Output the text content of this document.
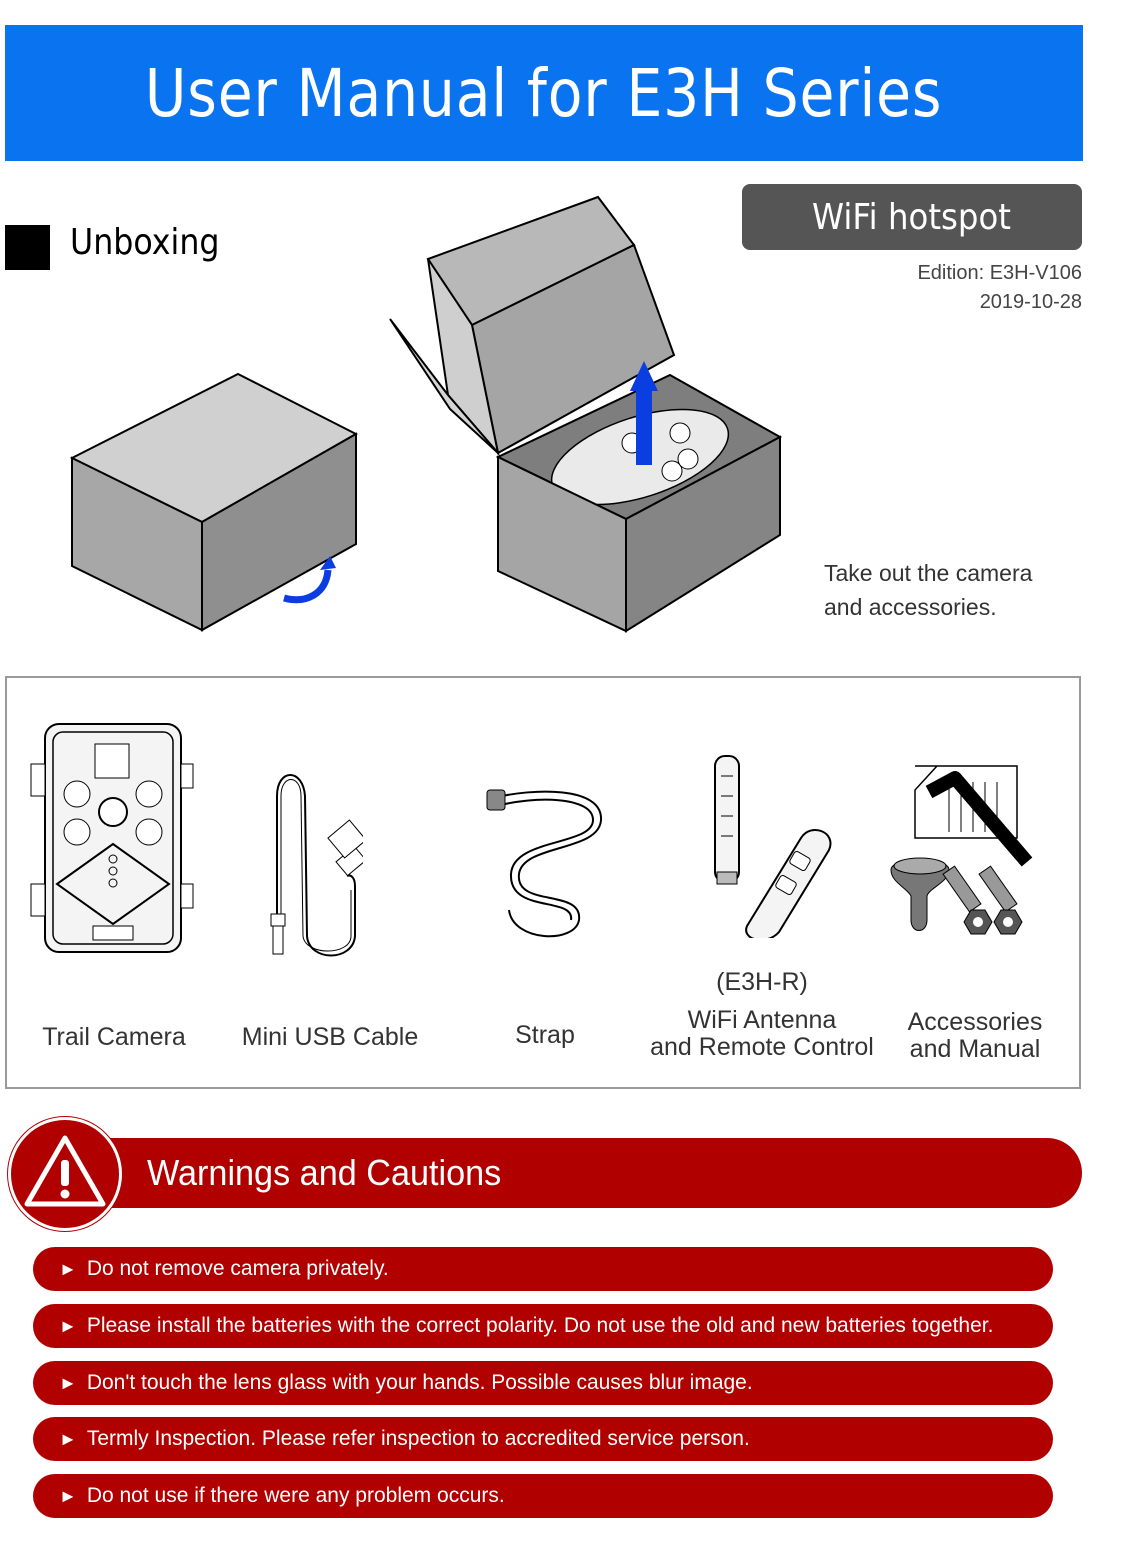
User Manual for E3H Series
Unboxing
WiFi hotspot
Edition: E3H-V106
2019-10-28
Take out the camera
and accessories.
Trail Camera	Mini USB Cable	Strap
(E3H-R)
WiFi Antenna
and Remote Control
Accessories
and Manual
Warnings and Cautions
► Do not remove camera privately.
► Please install the batteries with the correct polarity. Do not use the old and new batteries together.
► Don't touch the lens glass with your hands. Possible causes blur image.
► Termly Inspection. Please refer inspection to accredited service person.
► Do not use if there were any problem occurs.
